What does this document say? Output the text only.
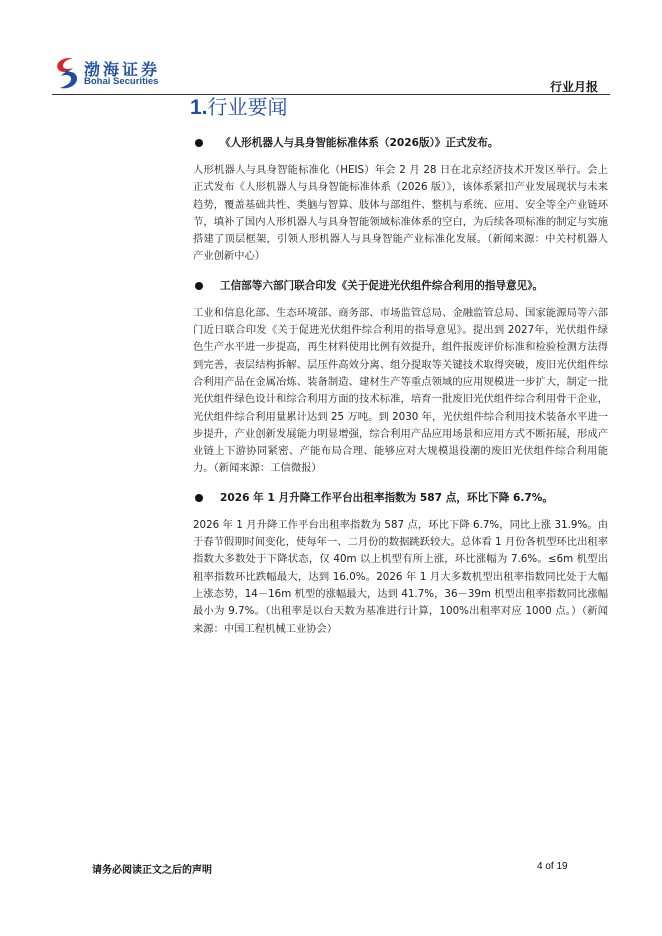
渤海证券
Bohai Securities	行业月报
1.行业要闻
《人形机器人与具身智能标准体系（2026版）》正式发布。

人形机器人与具身智能标准化（HEIS）年会 2 月 28 日在北京经济技术开发区举行。会上正式发布《人形机器人与具身智能标准体系（2026 版）》，该体系紧扣产业发展现状与未来趋势，覆盖基础共性、类脑与智算、肢体与部组件、整机与系统、应用、安全等全产业链环节，填补了国内人形机器人与具身智能领域标准体系的空白，为后续各项标准的制定与实施搭建了顶层框架，引领人形机器人与具身智能产业标准化发展。（新闻来源：中关村机器人产业创新中心）

工信部等六部门联合印发《关于促进光伏组件综合利用的指导意见》。

工业和信息化部、生态环境部、商务部、市场监管总局、金融监管总局、国家能源局等六部门近日联合印发《关于促进光伏组件综合利用的指导意见》。提出到 2027年，光伏组件绿色生产水平进一步提高，再生材料使用比例有效提升，组件报废评价标准和检验检测方法得到完善，表层结构拆解、层压件高效分离、组分提取等关键技术取得突破，废旧光伏组件综合利用产品在金属冶炼、装备制造、建材生产等重点领域的应用规模进一步扩大，制定一批光伏组件绿色设计和综合利用方面的技术标准，培育一批废旧光伏组件综合利用骨干企业，光伏组件综合利用量累计达到 25 万吨。到 2030 年，光伏组件综合利用技术装备水平进一步提升，产业创新发展能力明显增强，综合利用产品应用场景和应用方式不断拓展，形成产业链上下游协同紧密、产能布局合理、能够应对大规模退役潮的废旧光伏组件综合利用能力。（新闻来源：工信微报）

2026 年 1 月升降工作平台出租率指数为 587 点，环比下降 6.7%。

2026 年 1 月升降工作平台出租率指数为 587 点，环比下降 6.7%，同比上涨 31.9%。由于春节假期时间变化，使每年一、二月份的数据跳跃较大。总体看 1 月份各机型环比出租率指数大多数处于下降状态，仅 40m 以上机型有所上涨，环比涨幅为 7.6%。≤6m 机型出租率指数环比跌幅最大，达到 16.0%。2026 年 1 月大多数机型出租率指数同比处于大幅上涨态势，14－16m 机型的涨幅最大，达到 41.7%，36－39m 机型出租率指数同比涨幅最小为 9.7%。（出租率是以台天数为基准进行计算，100%出租率对应 1000 点。）（新闻来源：中国工程机械工业协会）

请务必阅读正文之后的声明	4 of 19
